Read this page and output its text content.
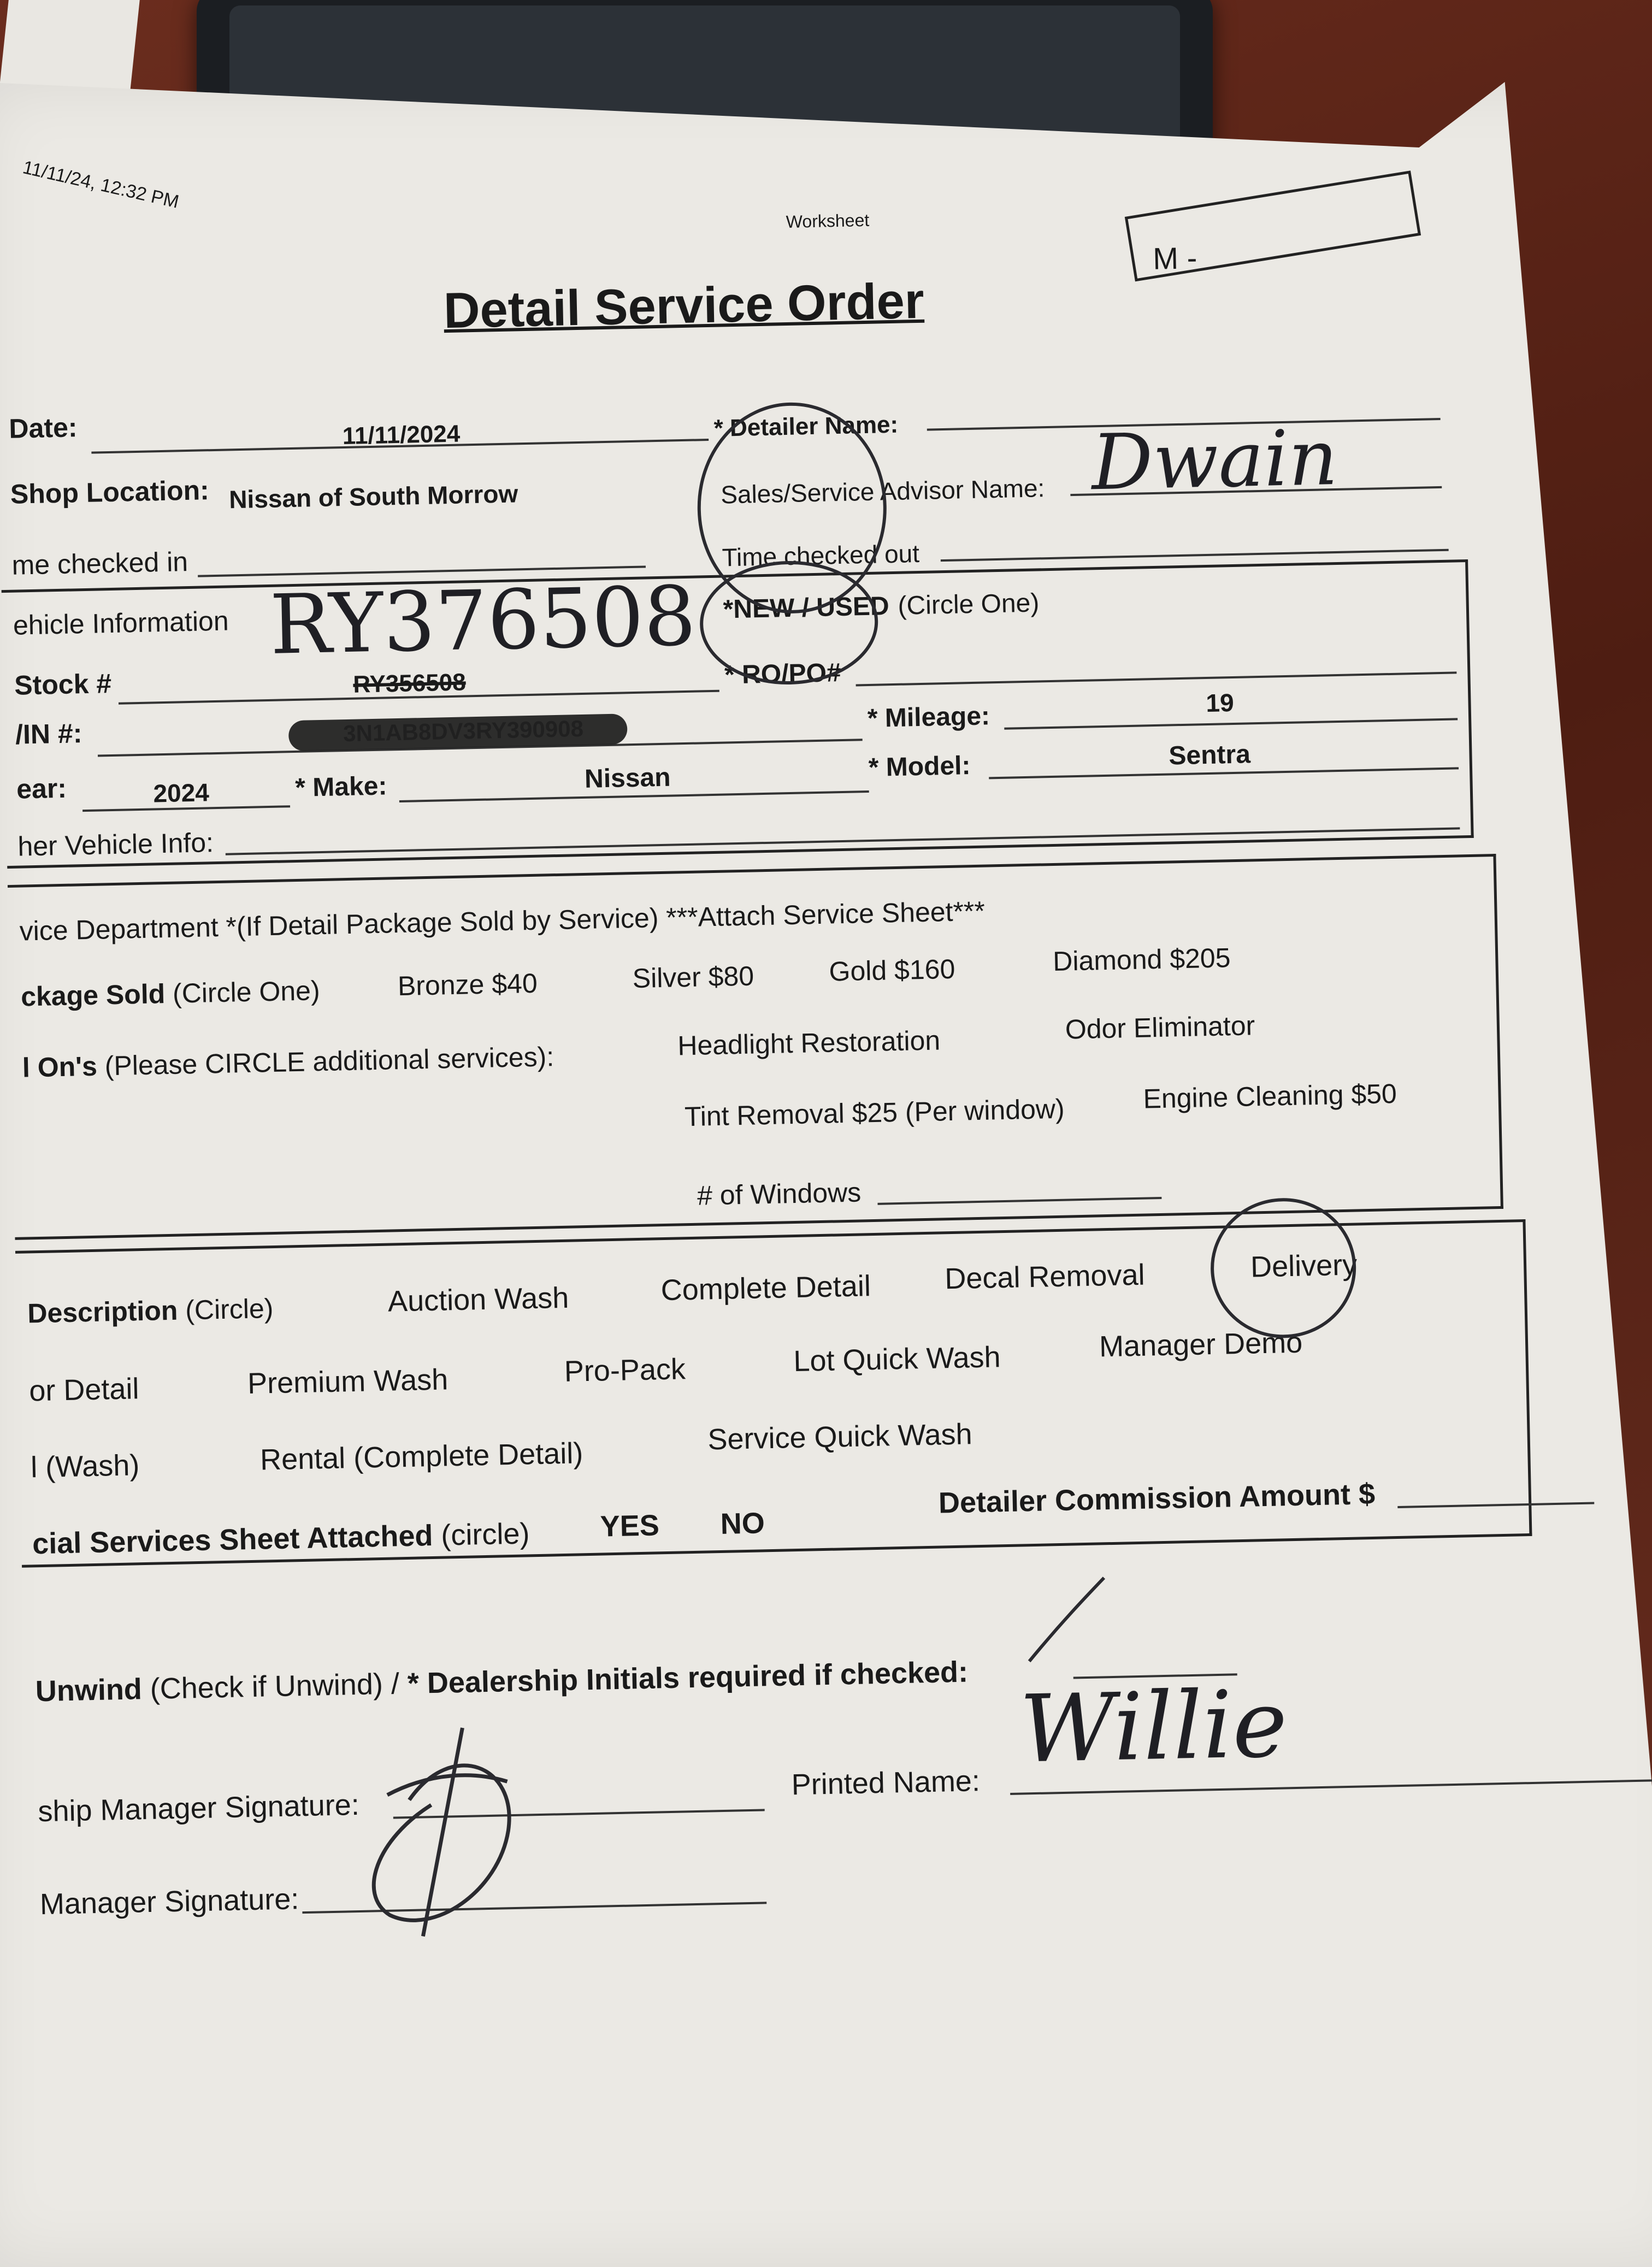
11/11/24, 12:32 PM
Worksheet
M -
Detail Service Order
Date:	11/11/2024	* Detailer Name:
Shop Location: Nissan of South Morrow	Sales/Service Advisor Name: Dwain
me checked in	Time checked out
ehicle Information RY376508 *NEW / USED (Circle One)
Stock #	RY356508	* RO/PO#
/IN #:
* Mileage:	19
ear:	2024	* Make:	Nissan	* Model:	Sentra
her Vehicle Info:
vice Department *(If Detail Package Sold by Service) ***Attach Service Sheet***
ckage Sold (Circle One)	Bronze $40	Silver $80	Gold $160	Diamond $205
l On's (Please CIRCLE additional services):	Headlight Restoration	Odor Eliminator
Tint Removal $25 (Per window)	Engine Cleaning $50
# of Windows
Description (Circle)	Auction Wash	Complete Detail Decal Removal	Delivery
or Detail	Premium Wash	Pro-Pack	Lot Quick Wash	Manager Demo
l (Wash)	Rental (Complete Detail)	Service Quick Wash
cial Services Sheet Attached (circle) YES NO
Detailer Commission Amount $
Unwind (Check if Unwind) / * Dealership Initials required if checked:
ship Manager Signature:
Printed Name: Willie
Manager Signature:
